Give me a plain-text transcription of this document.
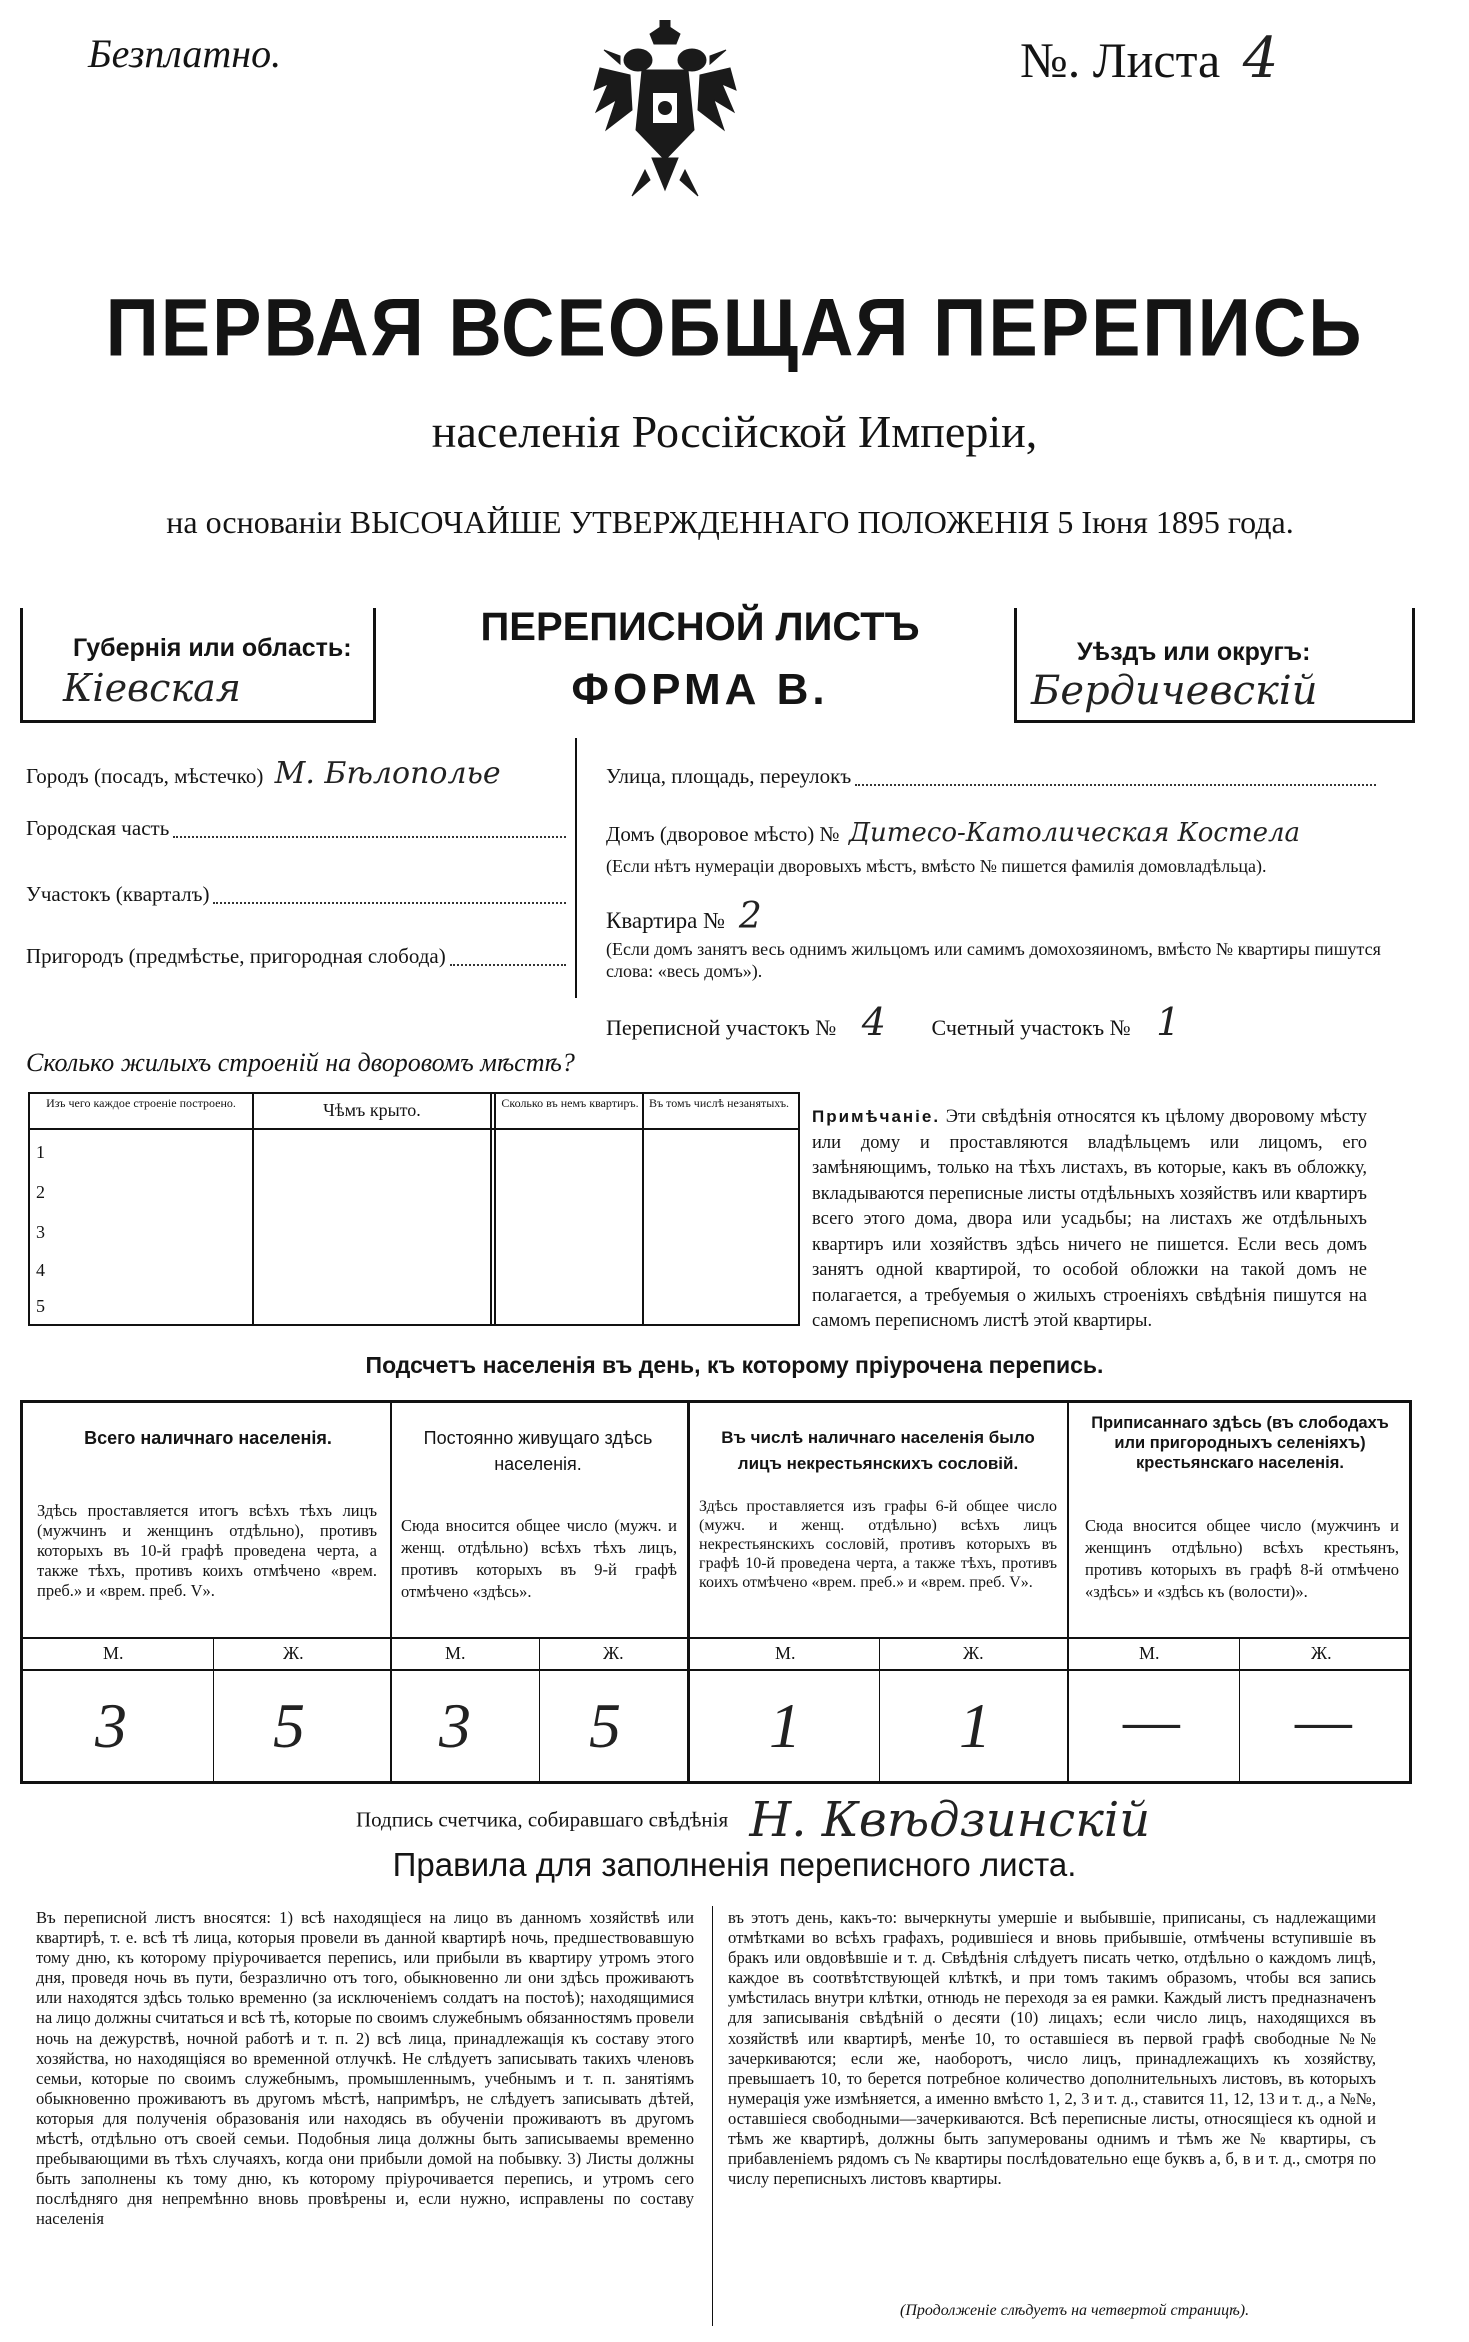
Безплатно.	№. Листа 4
ПЕРВАЯ ВСЕОБЩАЯ ПЕРЕПИСЬ
населенія Россійской Имперіи,
на основаніи ВЫСОЧАЙШЕ УТВЕРЖДЕННАГО ПОЛОЖЕНІЯ 5 Іюня 1895 года.
Губернія или область:
Кіевская
ПЕРЕПИСНОЙ ЛИСТЪ
ФОРМА В.
Уѣздъ или округъ:
Бердичевскій
Городъ (посадъ, мѣстечко) М. Бѣлополье
Городская часть
Участокъ (кварталъ)
Пригородъ (предмѣстье, пригородная слобода)
Улица, площадь, переулокъ
Домъ (дворовое мѣсто) № Дитесо-Католическая Костела
(Если нѣтъ нумераціи дворовыхъ мѣстъ, вмѣсто № пишется фамилія домовладѣльца).
Квартира № 2
(Если домъ занятъ весь однимъ жильцомъ или самимъ домохозяиномъ, вмѣсто № квартиры пишутся слова: «весь домъ»).
Переписной участокъ № 4 Счетный участокъ № 1
Сколько жилыхъ строеній на дворовомъ мѣстѣ?
Изъ чего каждое строеніе построено.	Чѣмъ крыто.	Сколько въ немъ квартиръ. Въ томъ числѣ незанятыхъ.
1
2
3
4
5
Примѣчаніе. Эти свѣдѣнія относятся къ цѣлому дворовому мѣсту или дому и проставляются владѣльцемъ или лицомъ, его замѣняющимъ, только на тѣхъ листахъ, въ которые, какъ въ обложку, вкладываются переписные листы отдѣльныхъ хозяйствъ или квартиръ всего этого дома, двора или усадьбы; на листахъ же отдѣльныхъ квартиръ или хозяйствъ здѣсь ничего не пишется. Если весь домъ занятъ одной квартирой, то особой обложки на такой домъ не полагается, а требуемыя о жилыхъ строеніяхъ свѣдѣнія пишутся на самомъ переписномъ листѣ этой квартиры.
Подсчетъ населенія въ день, къ которому пріурочена перепись.
Всего наличнаго населенія.
Здѣсь проставляется итогъ всѣхъ тѣхъ лицъ (мужчинъ и женщинъ отдѣльно), противъ которыхъ въ 10-й графѣ проведена черта, а также тѣхъ, противъ коихъ отмѣчено «врем. преб.» и «врем. преб. V».
Постоянно живущаго здѣсь населенія.
Сюда вносится общее число (мужч. и женщ. отдѣльно) всѣхъ тѣхъ лицъ, противъ которыхъ въ 9-й графѣ отмѣчено «здѣсь».
Въ числѣ наличнаго населенія было лицъ некрестьянскихъ сословій.
Здѣсь проставляется изъ графы 6-й общее число (мужч. и женщ. отдѣльно) всѣхъ лицъ некрестьянскихъ сословій, противъ которыхъ въ графѣ 10-й проведена черта, а также тѣхъ, противъ коихъ отмѣчено «врем. преб.» и «врем. преб. V».
Приписаннаго здѣсь (въ слободахъ или пригородныхъ селеніяхъ) крестьянскаго населенія.
Сюда вносится общее число (мужчинъ и женщинъ отдѣльно) всѣхъ крестьянъ, противъ которыхъ въ графѣ 8-й отмѣчено «здѣсь» и «здѣсь къ (волости)».
М.	Ж.	М.	Ж.	М.	Ж.	М.	Ж.
3 5 3 5 1 1 — —
Подпись счетчика, собиравшаго свѣдѣнія Н. Квѣдзинскій
Правила для заполненія переписного листа.
Въ переписной листъ вносятся: 1) всѣ находящіеся на лицо въ данномъ хозяйствѣ или квартирѣ, т. е. всѣ тѣ лица, которыя провели въ данной квартирѣ ночь, предшествовавшую тому дню, къ которому пріурочивается перепись, или прибыли въ квартиру утромъ этого дня, проведя ночь въ пути, безразлично отъ того, обыкновенно ли они здѣсь проживаютъ или находятся здѣсь только временно (за исключеніемъ солдатъ на постоѣ); находящимися на лицо должны считаться и всѣ тѣ, которые по своимъ служебнымъ обязанностямъ провели ночь на дежурствѣ, ночной работѣ и т. п. 2) всѣ лица, принадлежащія къ составу этого хозяйства, но находящіяся во временной отлучкѣ. Не слѣдуетъ записывать такихъ членовъ семьи, которые по своимъ служебнымъ, промышленнымъ, учебнымъ и т. п. занятіямъ обыкновенно проживаютъ въ другомъ мѣстѣ, напримѣръ, не слѣдуетъ записывать дѣтей, которыя для полученія образованія или находясь въ обученіи проживаютъ въ другомъ мѣстѣ, отдѣльно отъ своей семьи. Подобныя лица должны быть записываемы временно пребывающими въ тѣхъ случаяхъ, когда они прибыли домой на побывку. 3) Листы должны быть заполнены къ тому дню, къ которому пріурочивается перепись, и утромъ сего послѣдняго дня непремѣнно вновь провѣрены и, если нужно, исправлены по составу населенія
въ этотъ день, какъ-то: вычеркнуты умершіе и выбывшіе, приписаны, съ надлежащими отмѣтками во всѣхъ графахъ, родившіеся и вновь прибывшіе, отмѣчены вступившіе въ бракъ или овдовѣвшіе и т. д. Свѣдѣнія слѣдуетъ писать четко, отдѣльно о каждомъ лицѣ, каждое въ соотвѣтствующей клѣткѣ, и при томъ такимъ образомъ, чтобы вся запись умѣстилась внутри клѣтки, отнюдь не переходя за ея рамки. Каждый листъ предназначенъ для записыванія свѣдѣній о десяти (10) лицахъ; если число лицъ, находящихся въ хозяйствѣ или квартирѣ, менѣе 10, то оставшіеся въ первой графѣ свободные №№ зачеркиваются; если же, наоборотъ, число лицъ, принадлежащихъ къ хозяйству, превышаетъ 10, то берется потребное количество дополнительныхъ листовъ, въ которыхъ нумерація уже измѣняется, а именно вмѣсто 1, 2, 3 и т. д., ставится 11, 12, 13 и т. д., а №№, оставшіеся свободными—зачеркиваются. Всѣ переписные листы, относящіеся къ одной и тѣмъ же квартирѣ, должны быть запумерованы однимъ и тѣмъ же № квартиры, съ прибавленіемъ рядомъ съ № квартиры послѣдовательно еще буквъ а, б, в и т. д., смотря по числу переписныхъ листовъ квартиры.
(Продолженіе слѣдуетъ на четвертой страницѣ).
